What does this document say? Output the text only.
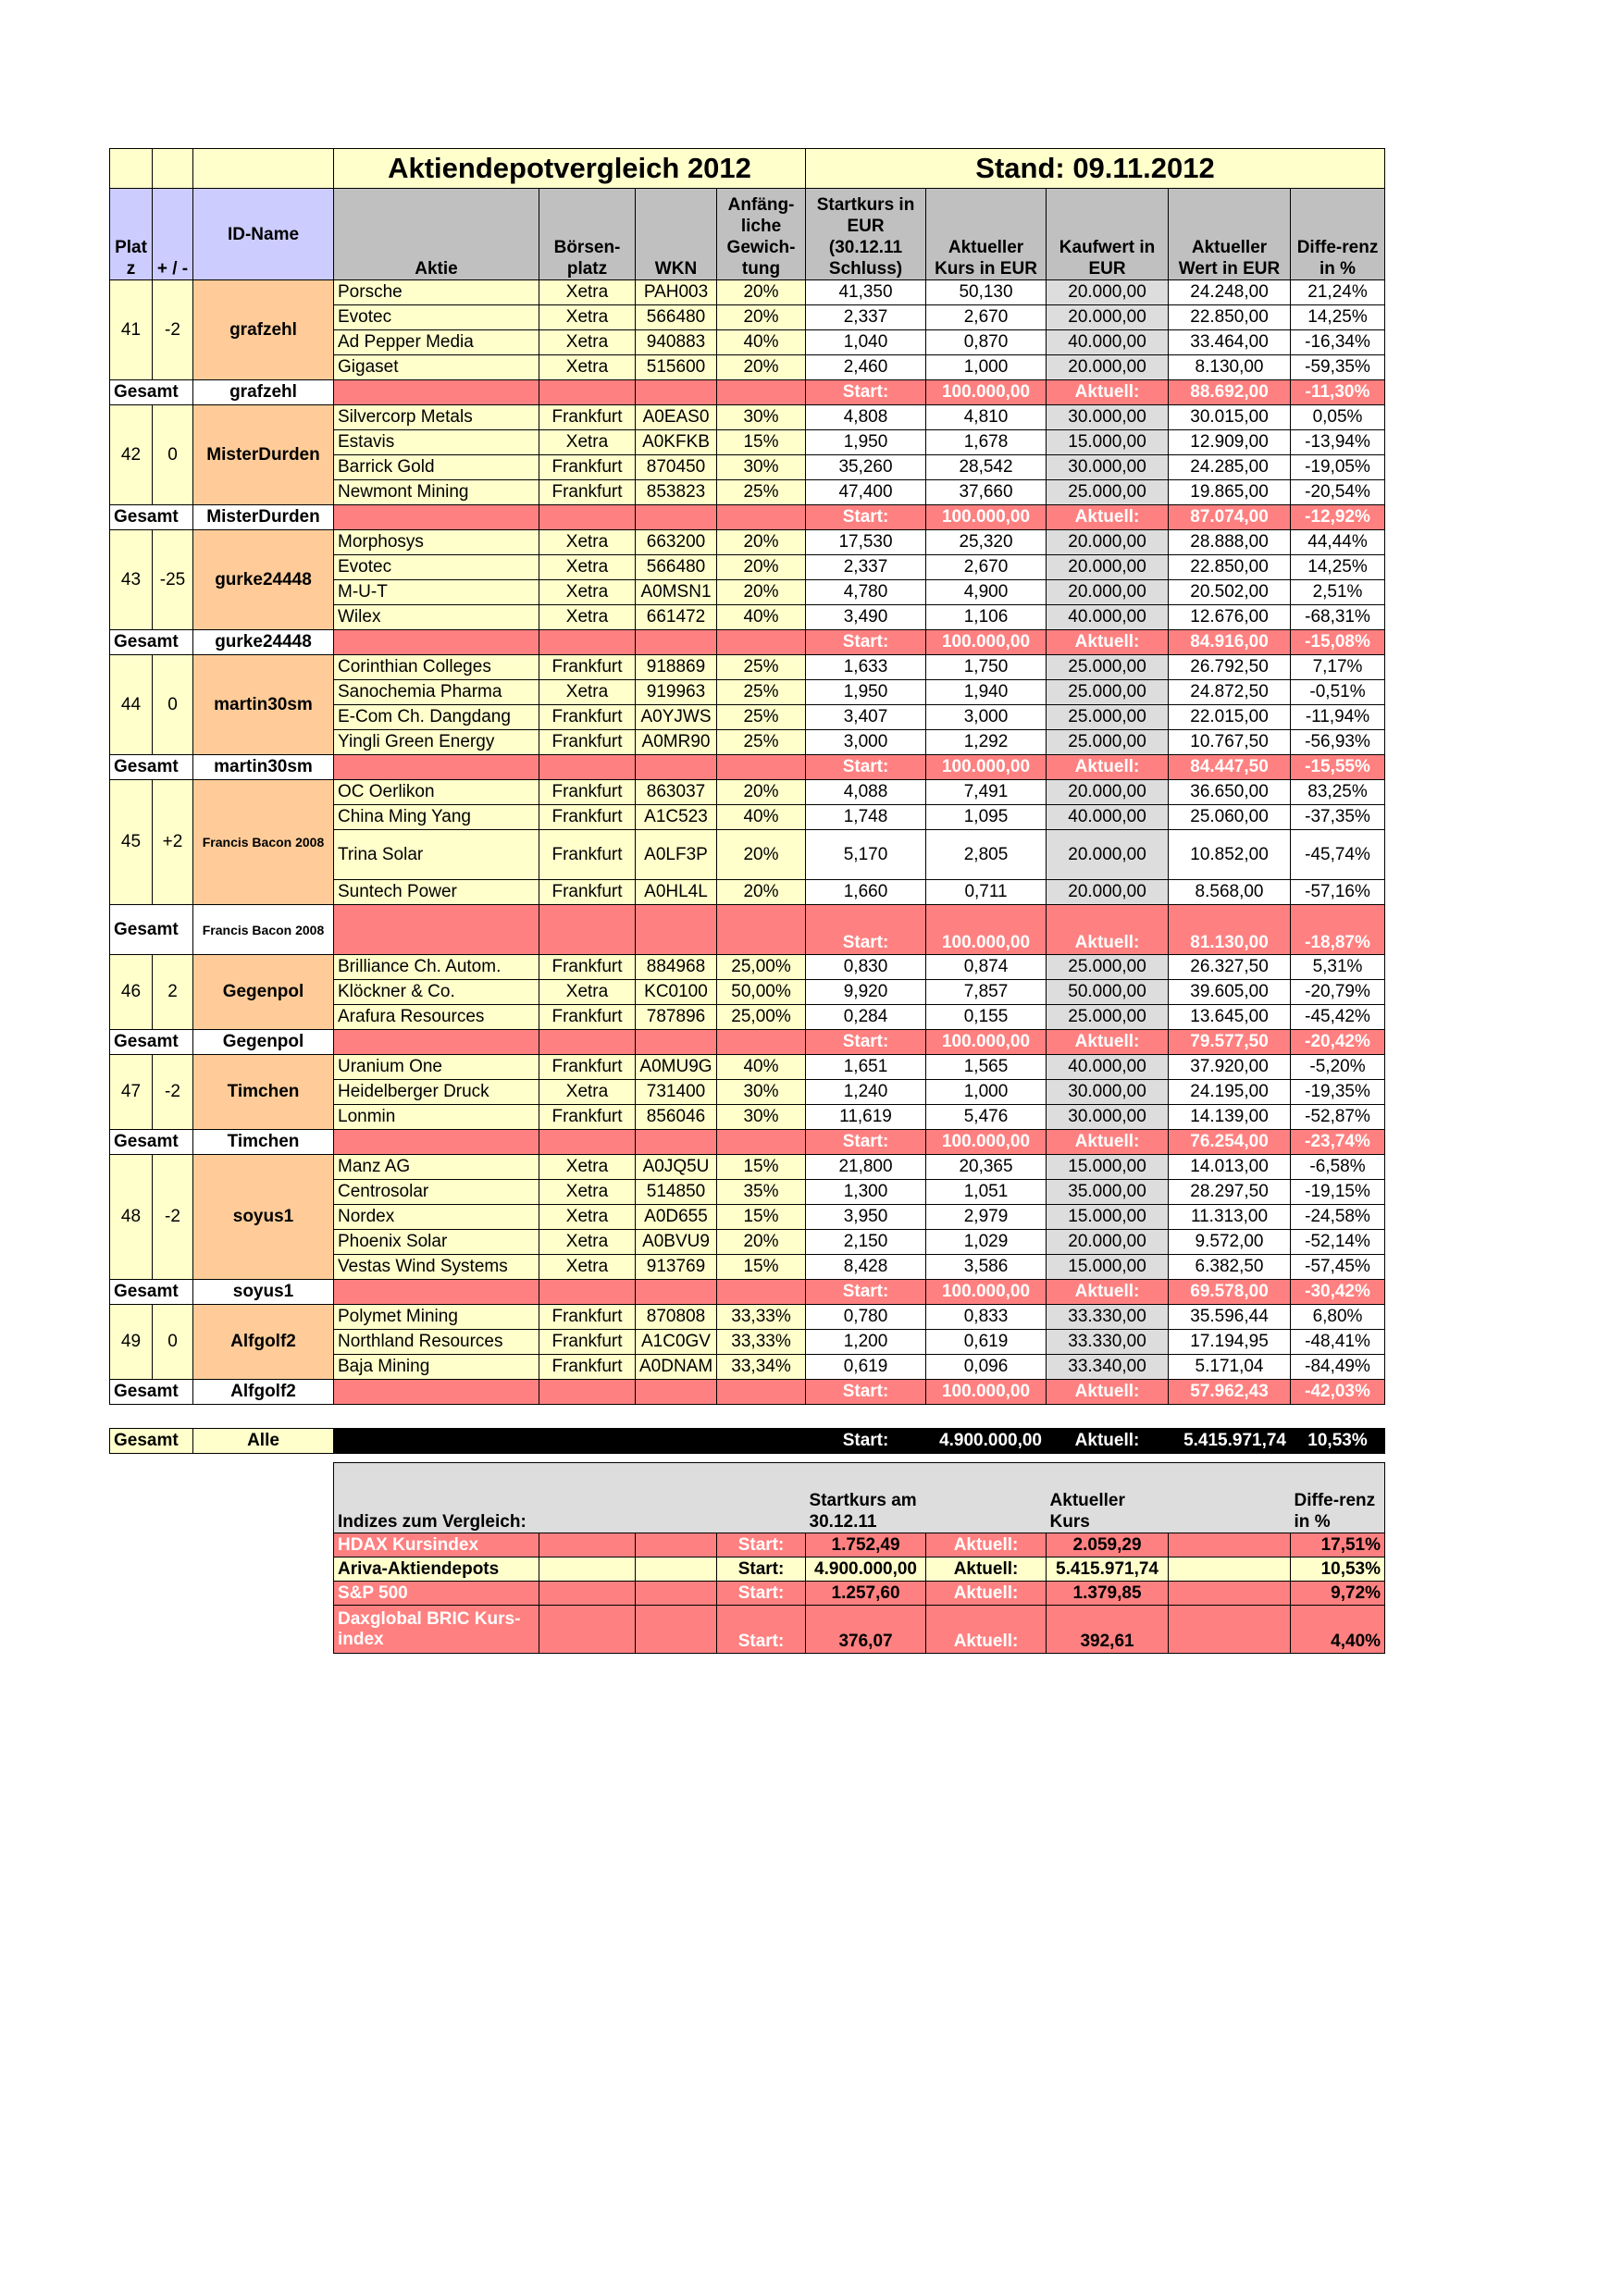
			Aktiendepotvergleich 2012				Stand: 09.11.2012				
Plat z	+ / -	ID-Name	Aktie	Börsen-platz	WKN	Anfäng-liche Gewich-tung	Startkurs in EUR (30.12.11 Schluss)	Aktueller Kurs in EUR	Kaufwert in EUR	Aktueller Wert in EUR	Diffe-renz in %
41	-2	grafzehl	Porsche	Xetra	PAH003	20%	41,350	50,130	20.000,00	24.248,00	21,24%
			Evotec	Xetra	566480	20%	2,337	2,670	20.000,00	22.850,00	14,25%
			Ad Pepper Media	Xetra	940883	40%	1,040	0,870	40.000,00	33.464,00	-16,34%
			Gigaset	Xetra	515600	20%	2,460	1,000	20.000,00	8.130,00	-59,35%
Gesamt		grafzehl					Start:	100.000,00	Aktuell:	88.692,00	-11,30%
42	0	MisterDurden	Silvercorp Metals	Frankfurt	A0EAS0	30%	4,808	4,810	30.000,00	30.015,00	0,05%
			Estavis	Xetra	A0KFKB	15%	1,950	1,678	15.000,00	12.909,00	-13,94%
			Barrick Gold	Frankfurt	870450	30%	35,260	28,542	30.000,00	24.285,00	-19,05%
			Newmont Mining	Frankfurt	853823	25%	47,400	37,660	25.000,00	19.865,00	-20,54%
Gesamt		MisterDurden					Start:	100.000,00	Aktuell:	87.074,00	-12,92%
43	-25	gurke24448	Morphosys	Xetra	663200	20%	17,530	25,320	20.000,00	28.888,00	44,44%
			Evotec	Xetra	566480	20%	2,337	2,670	20.000,00	22.850,00	14,25%
			M-U-T	Xetra	A0MSN1	20%	4,780	4,900	20.000,00	20.502,00	2,51%
			Wilex	Xetra	661472	40%	3,490	1,106	40.000,00	12.676,00	-68,31%
Gesamt		gurke24448					Start:	100.000,00	Aktuell:	84.916,00	-15,08%
44	0	martin30sm	Corinthian Colleges	Frankfurt	918869	25%	1,633	1,750	25.000,00	26.792,50	7,17%
			Sanochemia Pharma	Xetra	919963	25%	1,950	1,940	25.000,00	24.872,50	-0,51%
			E-Com Ch. Dangdang	Frankfurt	A0YJWS	25%	3,407	3,000	25.000,00	22.015,00	-11,94%
			Yingli Green Energy	Frankfurt	A0MR90	25%	3,000	1,292	25.000,00	10.767,50	-56,93%
Gesamt		martin30sm					Start:	100.000,00	Aktuell:	84.447,50	-15,55%
45	+2	Francis Bacon 2008	OC Oerlikon	Frankfurt	863037	20%	4,088	7,491	20.000,00	36.650,00	83,25%
			China Ming Yang	Frankfurt	A1C523	40%	1,748	1,095	40.000,00	25.060,00	-37,35%
			Trina Solar	Frankfurt	A0LF3P	20%	5,170	2,805	20.000,00	10.852,00	-45,74%
			Suntech Power	Frankfurt	A0HL4L	20%	1,660	0,711	20.000,00	8.568,00	-57,16%
Gesamt		Francis Bacon 2008					Start:	100.000,00	Aktuell:	81.130,00	-18,87%
46	2	Gegenpol	Brilliance Ch. Autom.	Frankfurt	884968	25,00%	0,830	0,874	25.000,00	26.327,50	5,31%
			Klöckner & Co.	Xetra	KC0100	50,00%	9,920	7,857	50.000,00	39.605,00	-20,79%
			Arafura Resources	Frankfurt	787896	25,00%	0,284	0,155	25.000,00	13.645,00	-45,42%
Gesamt		Gegenpol					Start:	100.000,00	Aktuell:	79.577,50	-20,42%
47	-2	Timchen	Uranium One	Frankfurt	A0MU9G	40%	1,651	1,565	40.000,00	37.920,00	-5,20%
			Heidelberger Druck	Xetra	731400	30%	1,240	1,000	30.000,00	24.195,00	-19,35%
			Lonmin	Frankfurt	856046	30%	11,619	5,476	30.000,00	14.139,00	-52,87%
Gesamt		Timchen					Start:	100.000,00	Aktuell:	76.254,00	-23,74%
48	-2	soyus1	Manz AG	Xetra	A0JQ5U	15%	21,800	20,365	15.000,00	14.013,00	-6,58%
			Centrosolar	Xetra	514850	35%	1,300	1,051	35.000,00	28.297,50	-19,15%
			Nordex	Xetra	A0D655	15%	3,950	2,979	15.000,00	11.313,00	-24,58%
			Phoenix Solar	Xetra	A0BVU9	20%	2,150	1,029	20.000,00	9.572,00	-52,14%
			Vestas Wind Systems	Xetra	913769	15%	8,428	3,586	15.000,00	6.382,50	-57,45%
Gesamt		soyus1					Start:	100.000,00	Aktuell:	69.578,00	-30,42%
49	0	Alfgolf2	Polymet Mining	Frankfurt	870808	33,33%	0,780	0,833	33.330,00	35.596,44	6,80%
			Northland Resources	Frankfurt	A1C0GV	33,33%	1,200	0,619	33.330,00	17.194,95	-48,41%
			Baja Mining	Frankfurt	A0DNAM	33,34%	0,619	0,096	33.340,00	5.171,04	-84,49%
Gesamt		Alfgolf2					Start:	100.000,00	Aktuell:	57.962,43	-42,03%

Gesamt		Alle					Start:	4.900.000,00	Aktuell:	5.415.971,74	10,53%
Indizes zum Vergleich:				Startkurs am 30.12.11		Aktueller Kurs		Diffe-renz in %
HDAX Kursindex			Start:	1.752,49	Aktuell:	2.059,29		17,51%
Ariva-Aktiendepots			Start:	4.900.000,00	Aktuell:	5.415.971,74		10,53%
S&P 500			Start:	1.257,60	Aktuell:	1.379,85		9,72%
Daxglobal BRIC Kurs-index			Start:	376,07	Aktuell:	392,61		4,40%
